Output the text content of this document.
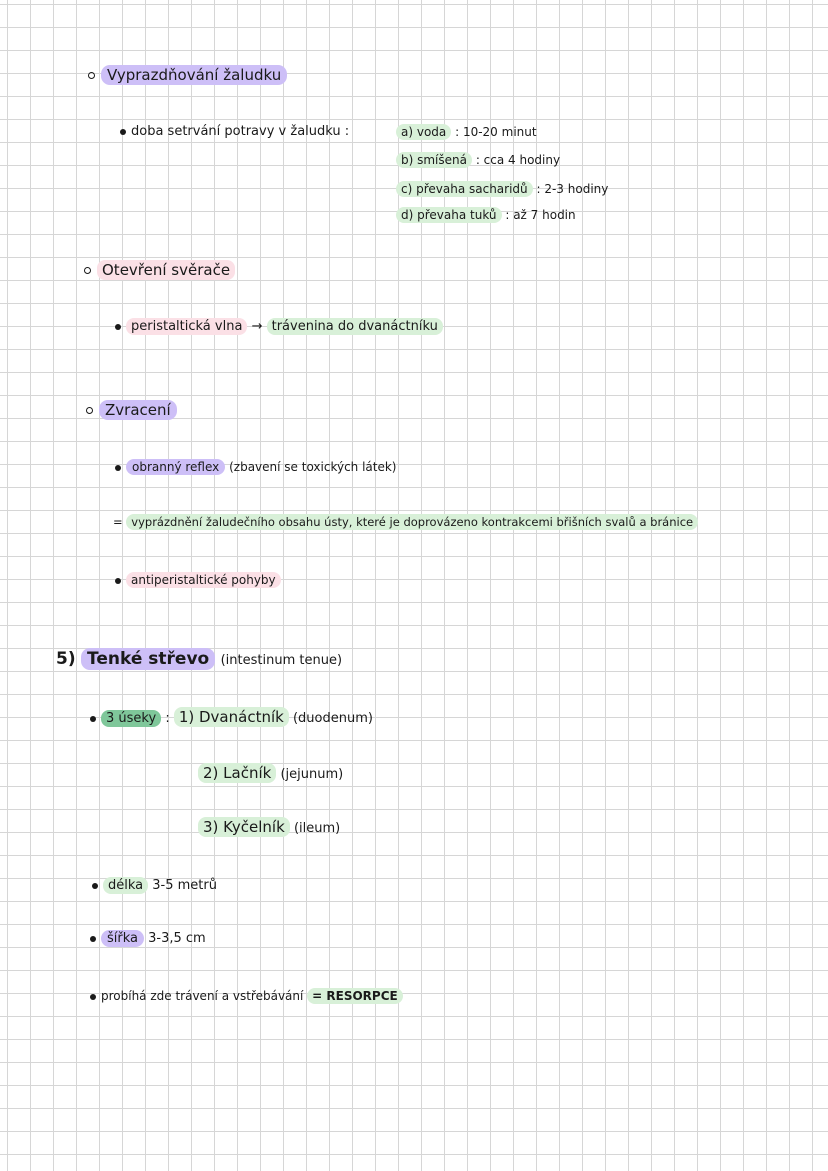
Vyprazdňování žaludku
doba setrvání potravy v žaludku :	a) voda : 10-20 minut
b) smíšená : cca 4 hodiny
c) převaha sacharidů : 2-3 hodiny
d) převaha tuků : až 7 hodin
Otevření svěrače
peristaltická vlna → trávenina do dvanáctníku
Zvracení
obranný reflex (zbavení se toxických látek)
= vyprázdnění žaludečního obsahu ústy, které je doprovázeno kontrakcemi břišních svalů a bránice
antiperistaltické pohyby
5) Tenké střevo (intestinum tenue)
3 úseky : 1) Dvanáctník (duodenum)
2) Lačník (jejunum)
3) Kyčelník (ileum)
délka 3-5 metrů
šířka 3-3,5 cm
probíhá zde trávení a vstřebávání = RESORPCE
